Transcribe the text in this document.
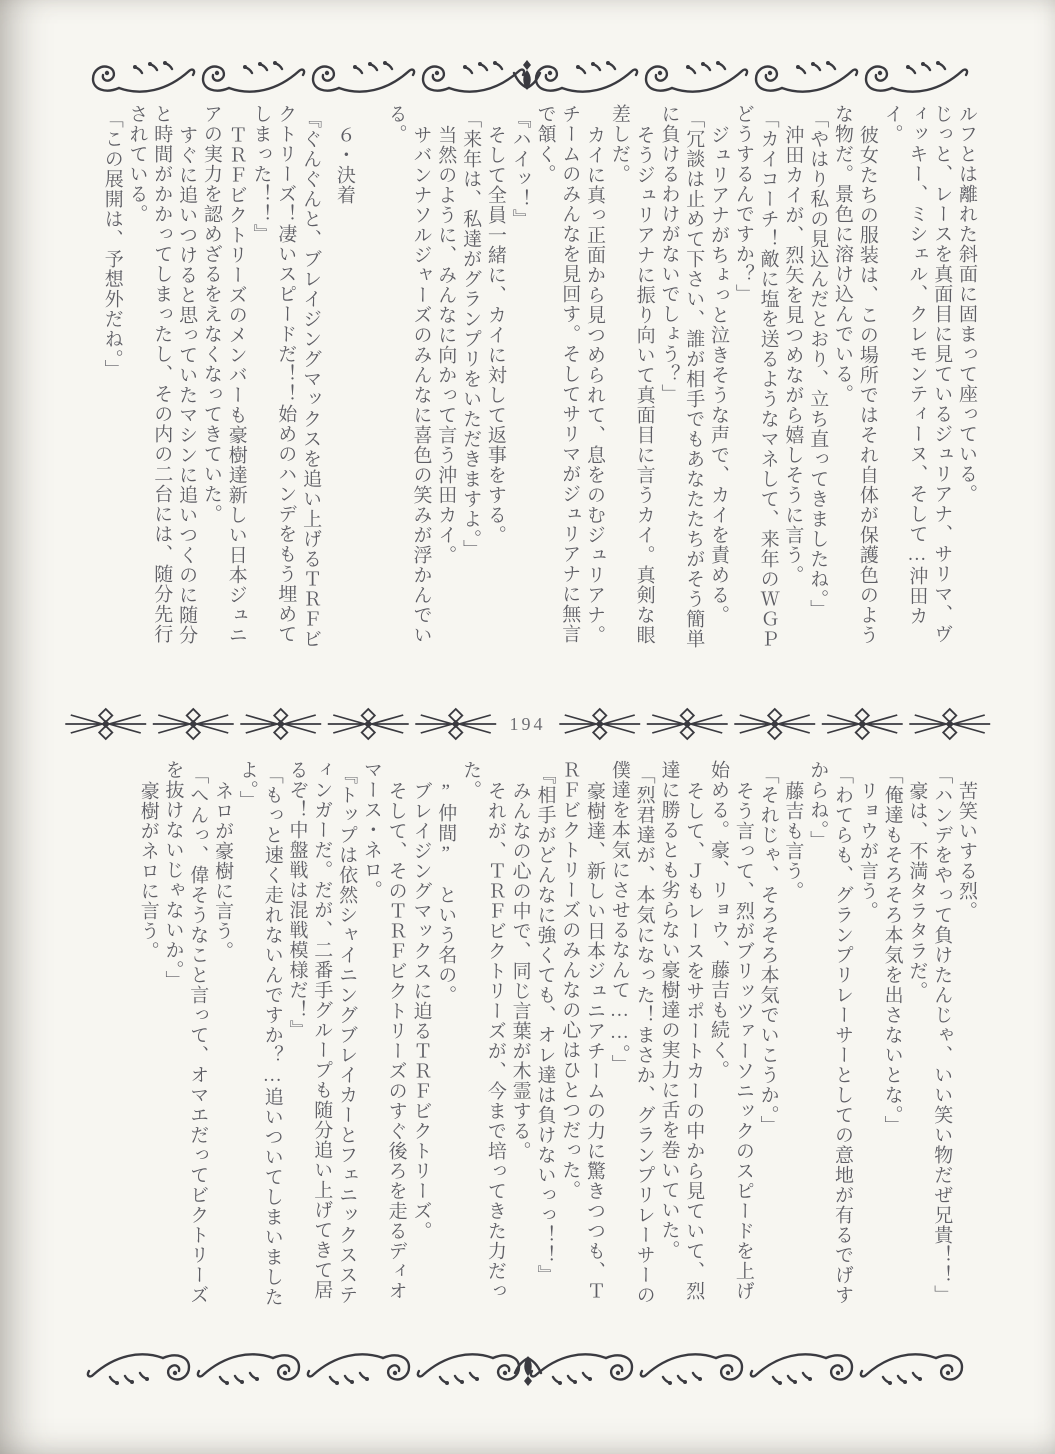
ルフとは離れた斜面に固まって座っている。

じっと、レースを真面目に見ているジュリアナ、サリマ、ヴィッキー、ミシェル、クレモンティーヌ、そして…沖田カイ。

彼女たちの服装は、この場所ではそれ自体が保護色のような物だ。景色に溶け込んでいる。

「やはり私の見込んだとおり、立ち直ってきましたね。」

沖田カイが、烈矢を見つめながら嬉しそうに言う。

「カイコーチ！敵に塩を送るようなマネして、来年のＷＧＰどうするんですか？」

ジュリアナがちょっと泣きそうな声で、カイを責める。

「冗談は止めて下さい、誰が相手でもあなたたちがそう簡単に負けるわけがないでしょう？」

そうジュリアナに振り向いて真面目に言うカイ。真剣な眼差しだ。

カイに真っ正面から見つめられて、息をのむジュリアナ。チームのみんなを見回す。そしてサリマがジュリアナに無言で頷く。

『ハイッ！』

そして全員一緒に、カイに対して返事をする。

「来年は、私達がグランプリをいただきますよ。」

当然のように、みんなに向かって言う沖田カイ。

サバンナソルジャーズのみんなに喜色の笑みが浮かんでいる。

６・決着

『ぐんぐんと、ブレイジングマックスを追い上げるＴＲＦビクトリーズ！凄いスピードだ！！始めのハンデをもう埋めてしまった！！』

ＴＲＦビクトリーズのメンバーも豪樹達新しい日本ジュニアの実力を認めざるをえなくなってきていた。

すぐに追いつけると思っていたマシンに追いつくのに随分と時間がかかってしまったし、その内の二台には、随分先行されている。

「この展開は、予想外だね。」

194

苦笑いする烈。

「ハンデをやって負けたんじゃ、いい笑い物だぜ兄貴！！」

豪は、不満タラタラだ。

「俺達もそろそろ本気を出さないとな。」

リョウが言う。

「わてらも、グランプリレーサーとしての意地が有るでげすからね。」

藤吉も言う。

「それじゃ、そろそろ本気でいこうか。」

そう言って、烈がブリッツァーソニックのスピードを上げ始める。豪、リョウ、藤吉も続く。

そして、Ｊもレースをサポートカーの中から見ていて、烈達に勝るとも劣らない豪樹達の実力に舌を巻いていた。

「烈君達が、本気になった！まさか、グランプリレーサーの僕達を本気にさせるなんて……。」

豪樹達、新しい日本ジュニアチームの力に驚きつつも、ＴＲＦビクトリーズのみんなの心はひとつだった。

『相手がどんなに強くても、オレ達は負けないっっ！！』

みんなの心の中で、同じ言葉が木霊する。

それが、ＴＲＦビクトリーズが、今まで培ってきた力だった。

”仲間”　という名の。

ブレイジングマックスに迫るＴＲＦビクトリーズ。

そして、そのＴＲＦビクトリーズのすぐ後ろを走るディオマース・ネロ。

『トップは依然シャイニングブレイカーとフェニックススティンガーだ。だが、二番手グループも随分追い上げてきて居るぞ！中盤戦は混戦模様だ！』

「もっと速く走れないんですか？…追いついてしまいましたよ。」

ネロが豪樹に言う。

「へんっ、偉そうなこと言って、オマエだってビクトリーズを抜けないじゃないか。」

豪樹がネロに言う。
